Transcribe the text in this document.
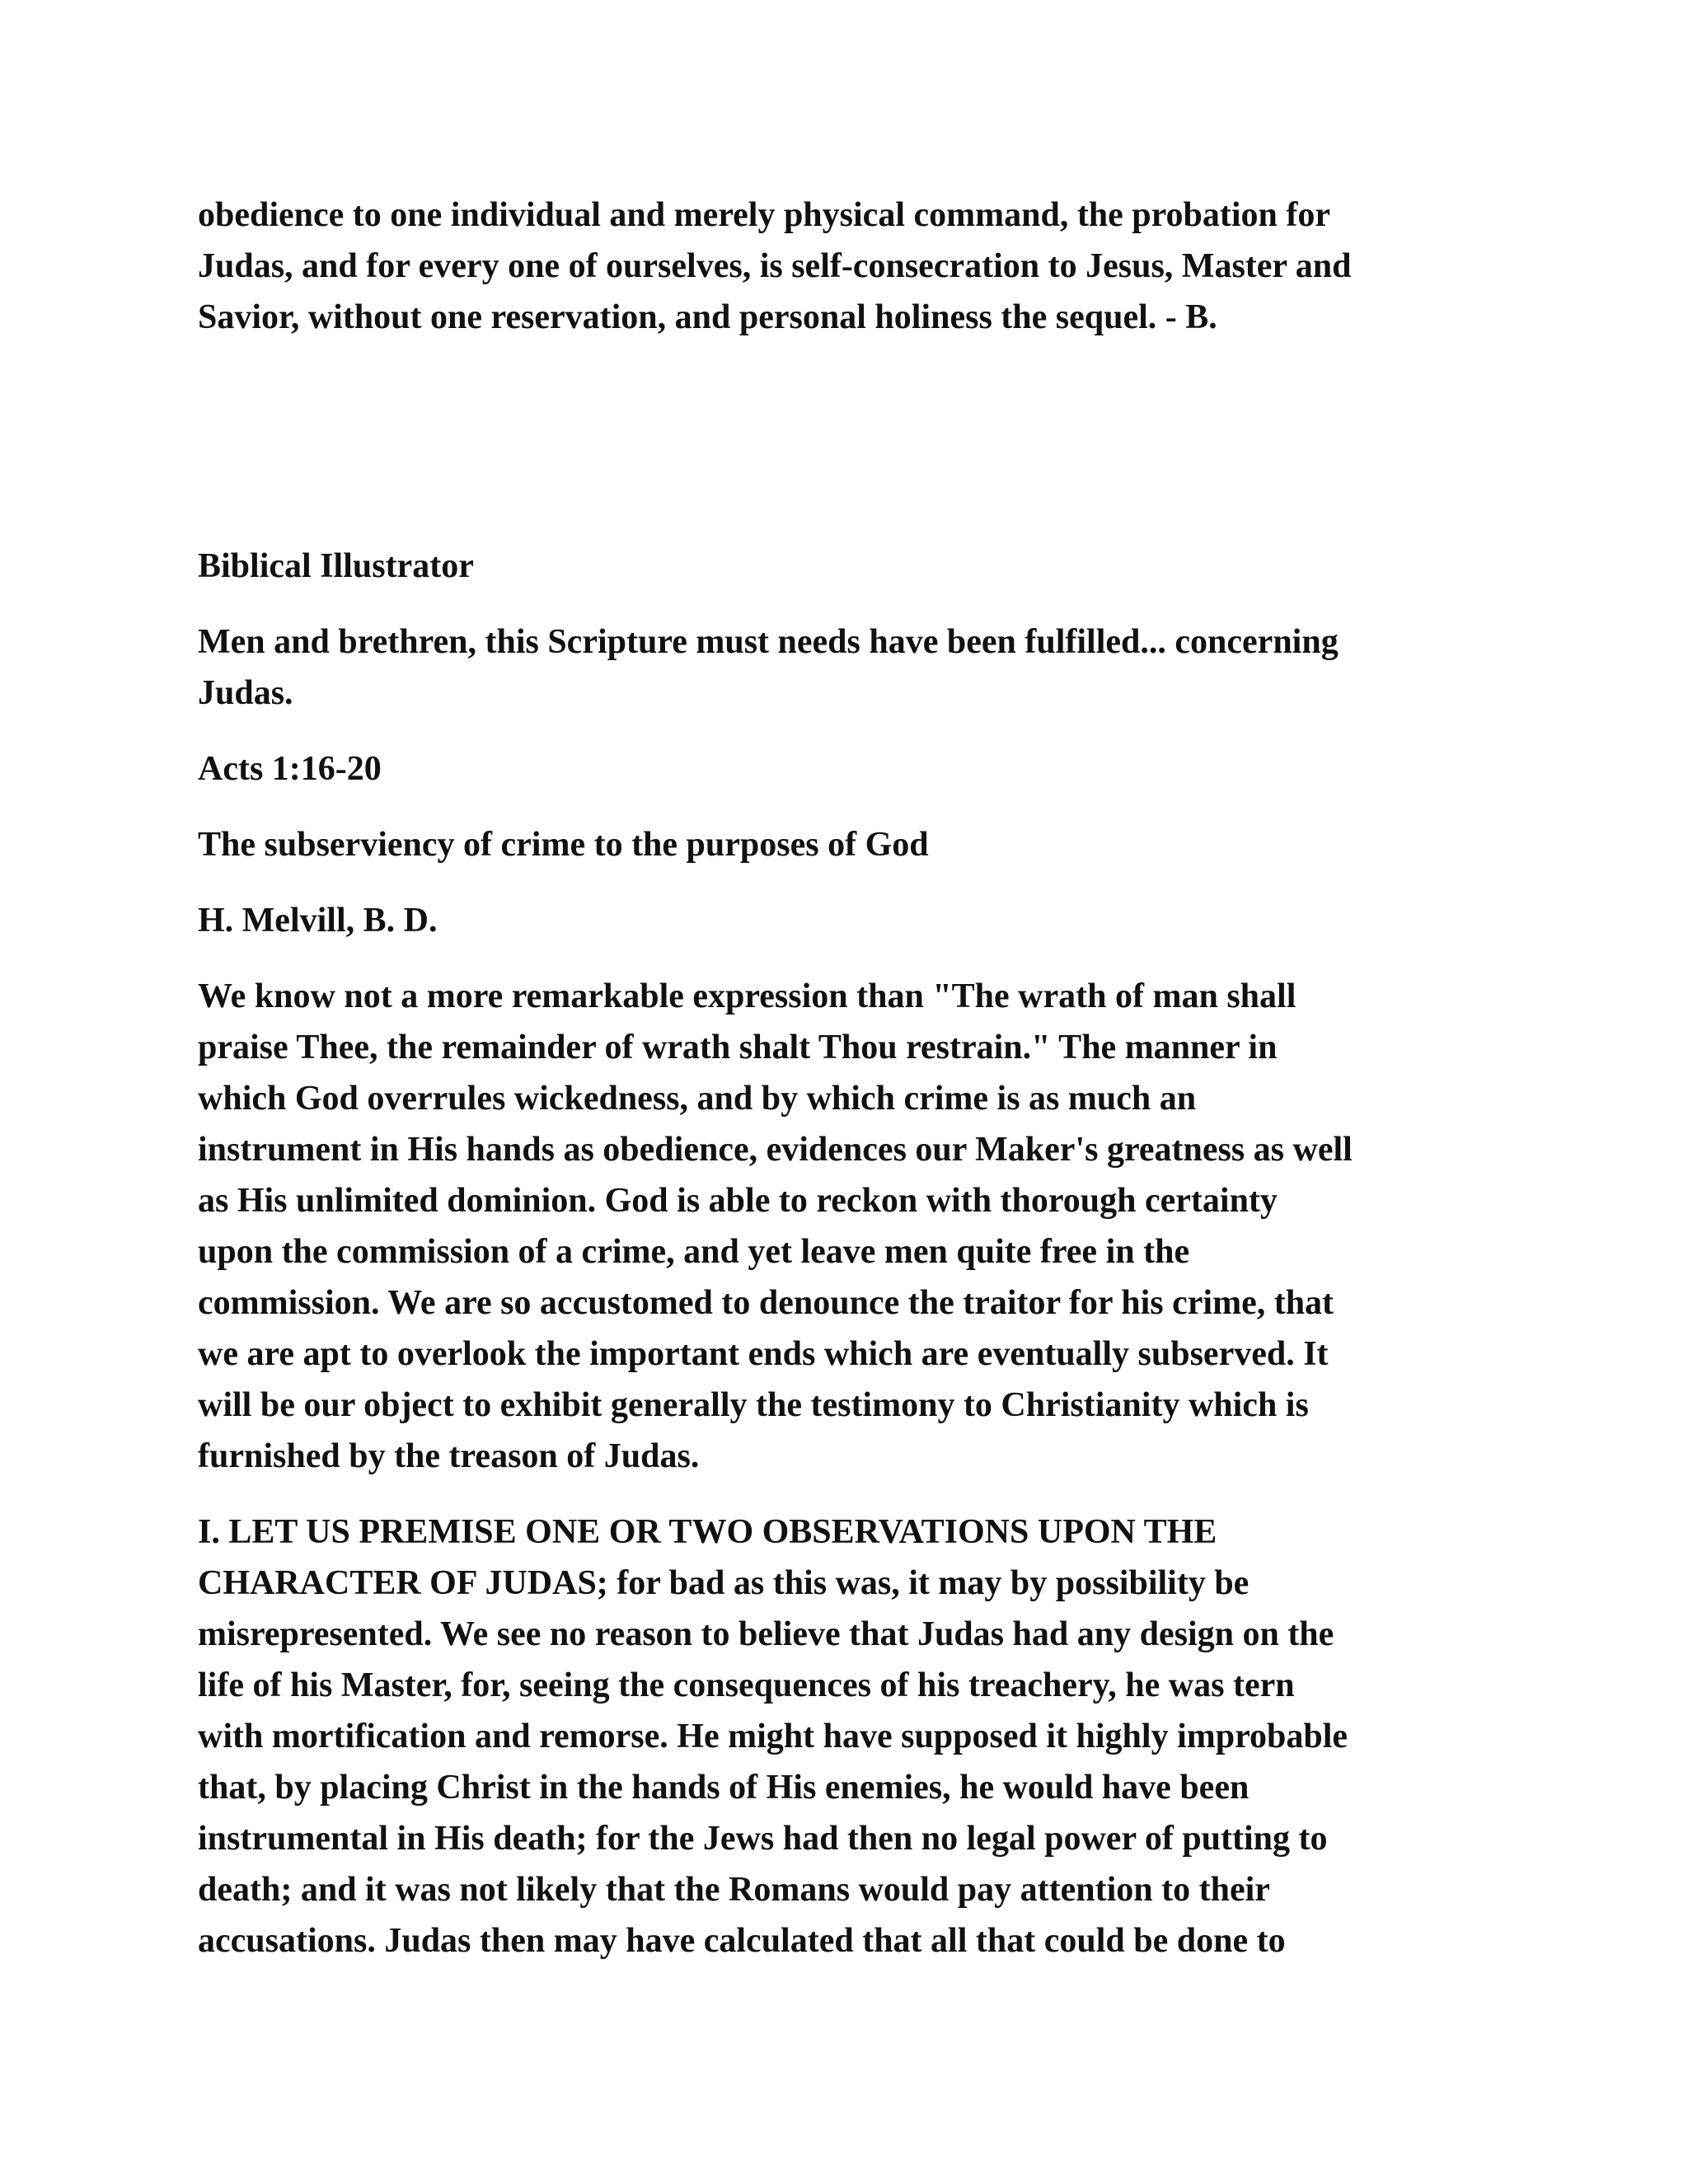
obedience to one individual and merely physical command, the probation for
Judas, and for every one of ourselves, is self-consecration to Jesus, Master and
Savior, without one reservation, and personal holiness the sequel. - B.
Biblical Illustrator
Men and brethren, this Scripture must needs have been fulfilled... concerning
Judas.
Acts 1:16-20
The subserviency of crime to the purposes of God
H. Melvill, B. D.
We know not a more remarkable expression than "The wrath of man shall
praise Thee, the remainder of wrath shalt Thou restrain." The manner in
which God overrules wickedness, and by which crime is as much an
instrument in His hands as obedience, evidences our Maker's greatness as well
as His unlimited dominion. God is able to reckon with thorough certainty
upon the commission of a crime, and yet leave men quite free in the
commission. We are so accustomed to denounce the traitor for his crime, that
we are apt to overlook the important ends which are eventually subserved. It
will be our object to exhibit generally the testimony to Christianity which is
furnished by the treason of Judas.
I. LET US PREMISE ONE OR TWO OBSERVATIONS UPON THE
CHARACTER OF JUDAS; for bad as this was, it may by possibility be
misrepresented. We see no reason to believe that Judas had any design on the
life of his Master, for, seeing the consequences of his treachery, he was tern
with mortification and remorse. He might have supposed it highly improbable
that, by placing Christ in the hands of His enemies, he would have been
instrumental in His death; for the Jews had then no legal power of putting to
death; and it was not likely that the Romans would pay attention to their
accusations. Judas then may have calculated that all that could be done to
